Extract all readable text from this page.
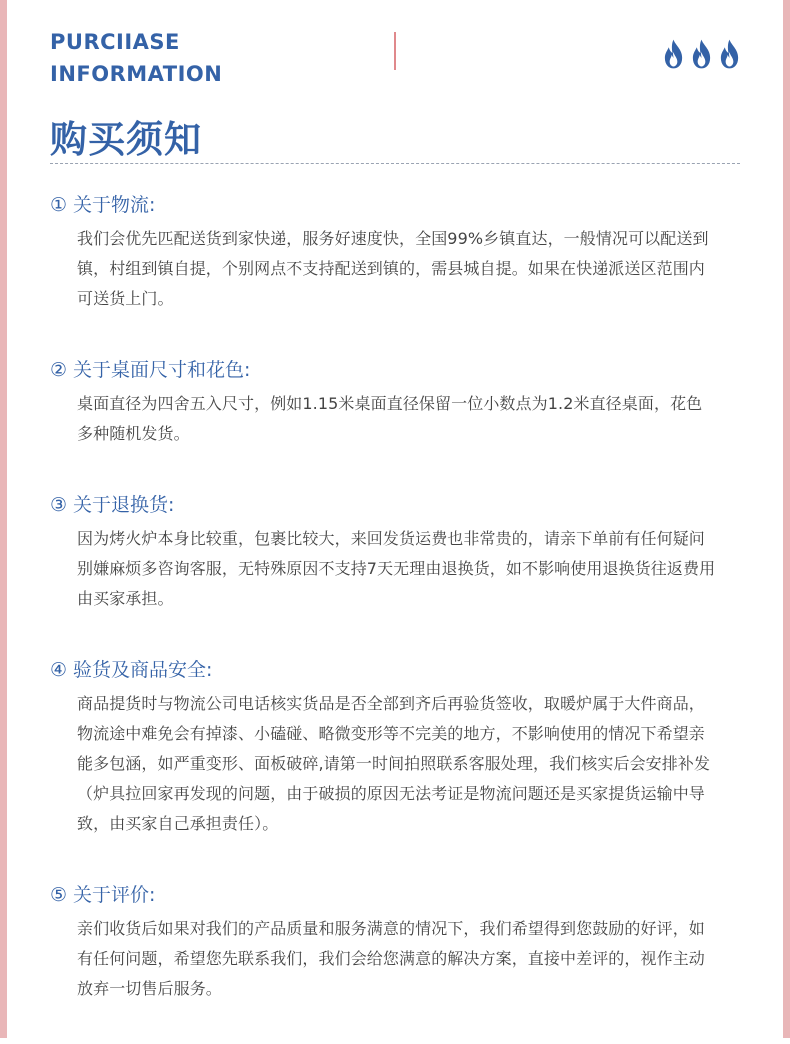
PURCIIASE
INFORMATION
购买须知
① 关于物流:

我们会优先匹配送货到家快递，服务好速度快，全国99%乡镇直达，一般情况可以配送到镇，村组到镇自提，个别网点不支持配送到镇的，需县城自提。如果在快递派送区范围内可送货上门。

② 关于桌面尺寸和花色:

桌面直径为四舍五入尺寸，例如1.15米桌面直径保留一位小数点为1.2米直径桌面，花色多种随机发货。

③ 关于退换货:

因为烤火炉本身比较重，包裹比较大，来回发货运费也非常贵的，请亲下单前有任何疑问别嫌麻烦多咨询客服，无特殊原因不支持7天无理由退换货，如不影响使用退换货往返费用由买家承担。

④ 验货及商品安全:

商品提货时与物流公司电话核实货品是否全部到齐后再验货签收，取暖炉属于大件商品，物流途中难免会有掉漆、小磕碰、略微变形等不完美的地方，不影响使用的情况下希望亲能多包涵，如严重变形、面板破碎,请第一时间拍照联系客服处理，我们核实后会安排补发（炉具拉回家再发现的问题，由于破损的原因无法考证是物流问题还是买家提货运输中导致，由买家自己承担责任）。

⑤ 关于评价:

亲们收货后如果对我们的产品质量和服务满意的情况下，我们希望得到您鼓励的好评，如有任何问题，希望您先联系我们，我们会给您满意的解决方案，直接中差评的，视作主动放弃一切售后服务。
